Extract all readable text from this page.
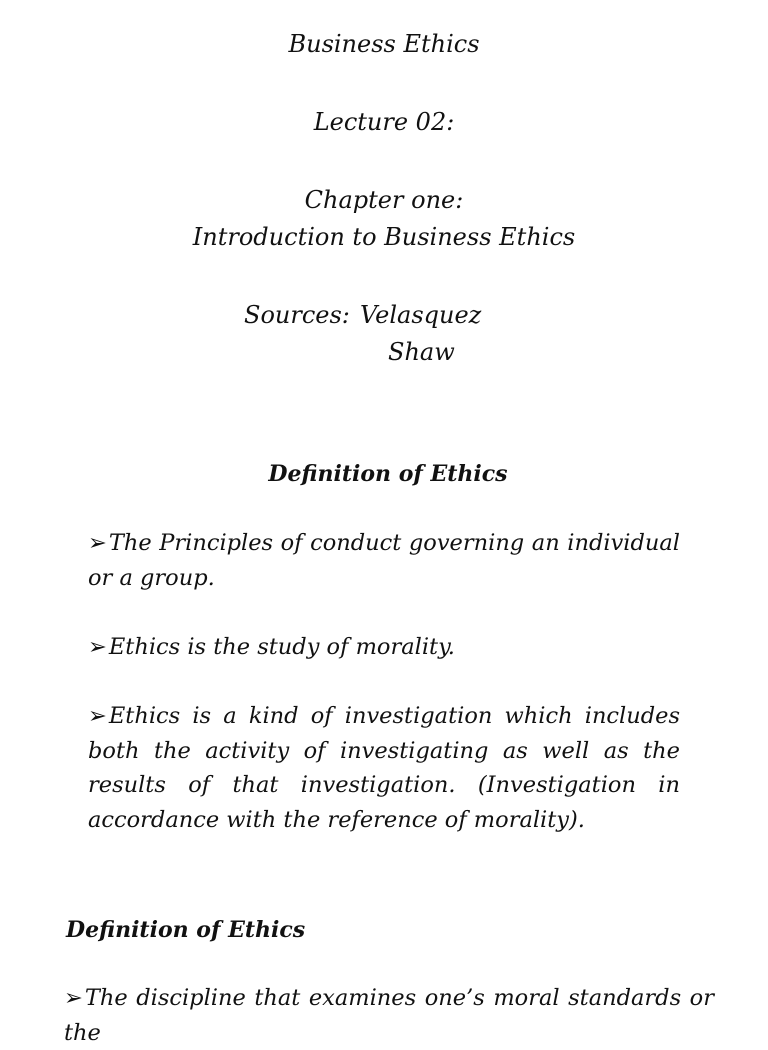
Business Ethics
Lecture 02:
Chapter one:
Introduction to Business Ethics
Sources: Velasquez
Shaw
Definition of Ethics
➢The Principles of conduct governing an individual or a group.
➢Ethics is the study of morality.
➢Ethics is a kind of investigation which includes both the activity of investigating as well as the results of that investigation. (Investigation in accordance with the reference of morality).
Definition of Ethics
➢The discipline that examines one’s moral standards or the
